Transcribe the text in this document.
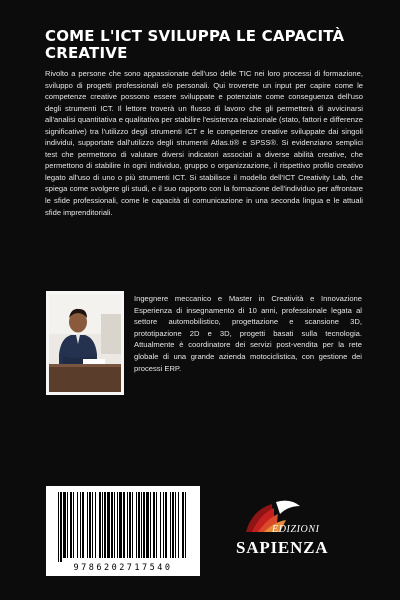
COME L'ICT SVILUPPA LE CAPACITÀ CREATIVE

Rivolto a persone che sono appassionate dell'uso delle TIC nei loro processi di formazione, sviluppo di progetti professionali e/o personali. Qui troverete un input per capire come le competenze creative possono essere sviluppate e potenziate come conseguenza dell'uso degli strumenti ICT. Il lettore troverà un flusso di lavoro che gli permetterà di avvicinarsi all'analisi quantitativa e qualitativa per stabilire l'esistenza relazionale (stato, fattori e differenze significative) tra l'utilizzo degli strumenti ICT e le competenze creative sviluppate dai singoli individui, supportate dall'utilizzo degli strumenti Atlas.ti® e SPSS®. Si evidenziano semplici test che permettono di valutare diversi indicatori associati a diverse abilità creative, che permettono di stabilire in ogni individuo, gruppo o organizzazione, il rispettivo profilo creativo legato all'uso di uno o più strumenti ICT. Si stabilisce il modello dell'ICT Creativity Lab, che spiega come svolgere gli studi, e il suo rapporto con la formazione dell'individuo per affrontare le sfide professionali, come le capacità di comunicazione in una seconda lingua e le attuali sfide imprenditoriali.

Ingegnere meccanico e Master in Creatività e Innovazione Esperienza di insegnamento di 10 anni, professionale legata al settore automobilistico, progettazione e scansione 3D, prototipazione 2D e 3D, progetti basati sulla tecnologia. Attualmente è coordinatore dei servizi post-vendita per la rete globale di una grande azienda motociclistica, con gestione dei processi ERP.

9786202717540
EDIZIONI
SAPIENZA
